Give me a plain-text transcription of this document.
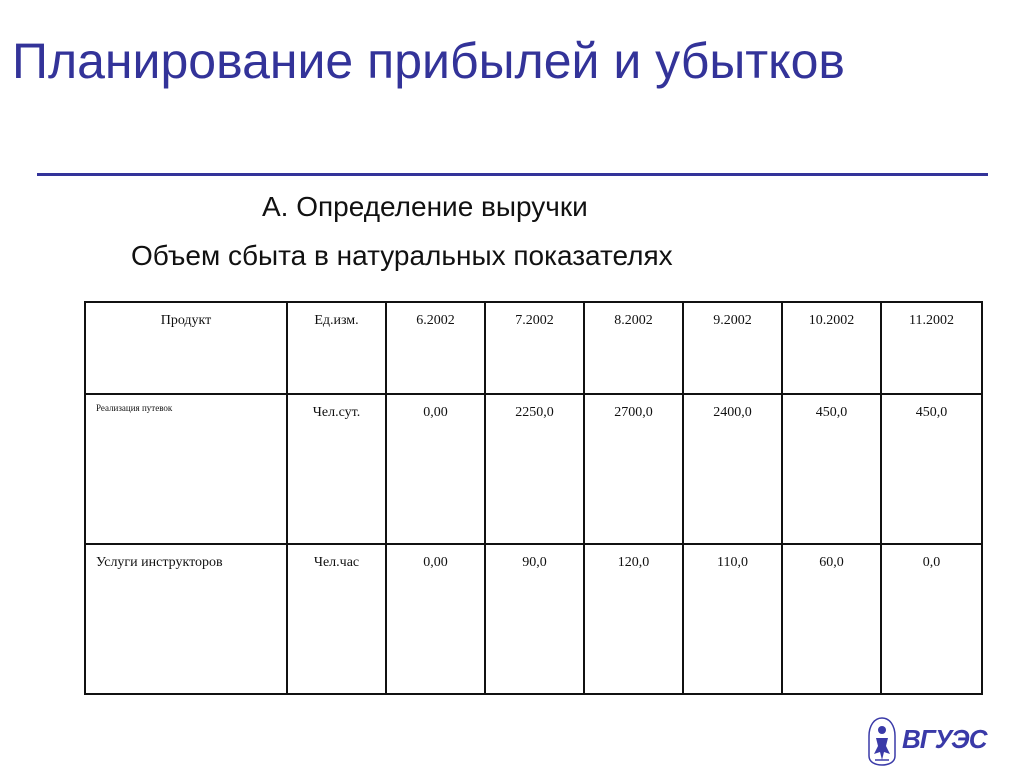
Планирование прибылей и убытков
А. Определение выручки
Объем сбыта в натуральных показателях
Продукт	Ед.изм.	6.2002	7.2002	8.2002	9.2002	10.2002	11.2002
Реализация путевок	Чел.сут.	0,00	2250,0	2700,0	2400,0	450,0	450,0
Услуги инструкторов	Чел.час	0,00	90,0	120,0	110,0	60,0	0,0
ВГУЭС
